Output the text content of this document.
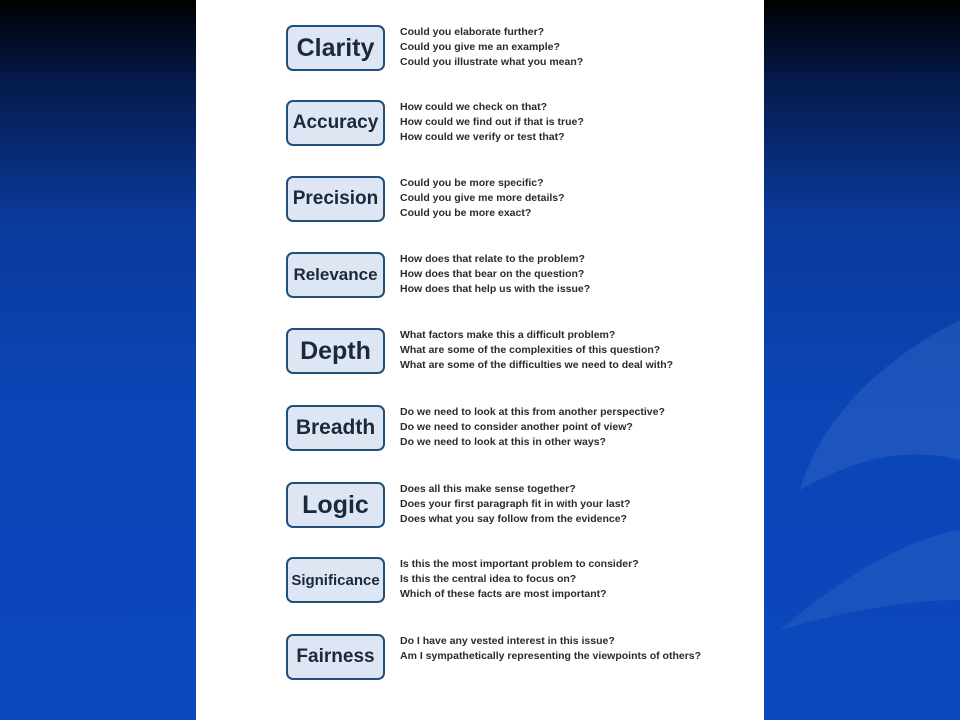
Clarity
Could you elaborate further?
Could you give me an example?
Could you illustrate what you mean?
Accuracy
How could we check on that?
How could we find out if that is true?
How could we verify or test that?
Precision
Could you be more specific?
Could you give me more details?
Could you be more exact?
Relevance
How does that relate to the problem?
How does that bear on the question?
How does that help us with the issue?
Depth
What factors make this a difficult problem?
What are some of the complexities of this question?
What are some of the difficulties we need to deal with?
Breadth
Do we need to look at this from another perspective?
Do we need to consider another point of view?
Do we need to look at this in other ways?
Logic
Does all this make sense together?
Does your first paragraph fit in with your last?
Does what you say follow from the evidence?
Significance
Is this the most important problem to consider?
Is this the central idea to focus on?
Which of these facts are most important?
Fairness
Do I have any vested interest in this issue?
Am I sympathetically representing the viewpoints of others?
